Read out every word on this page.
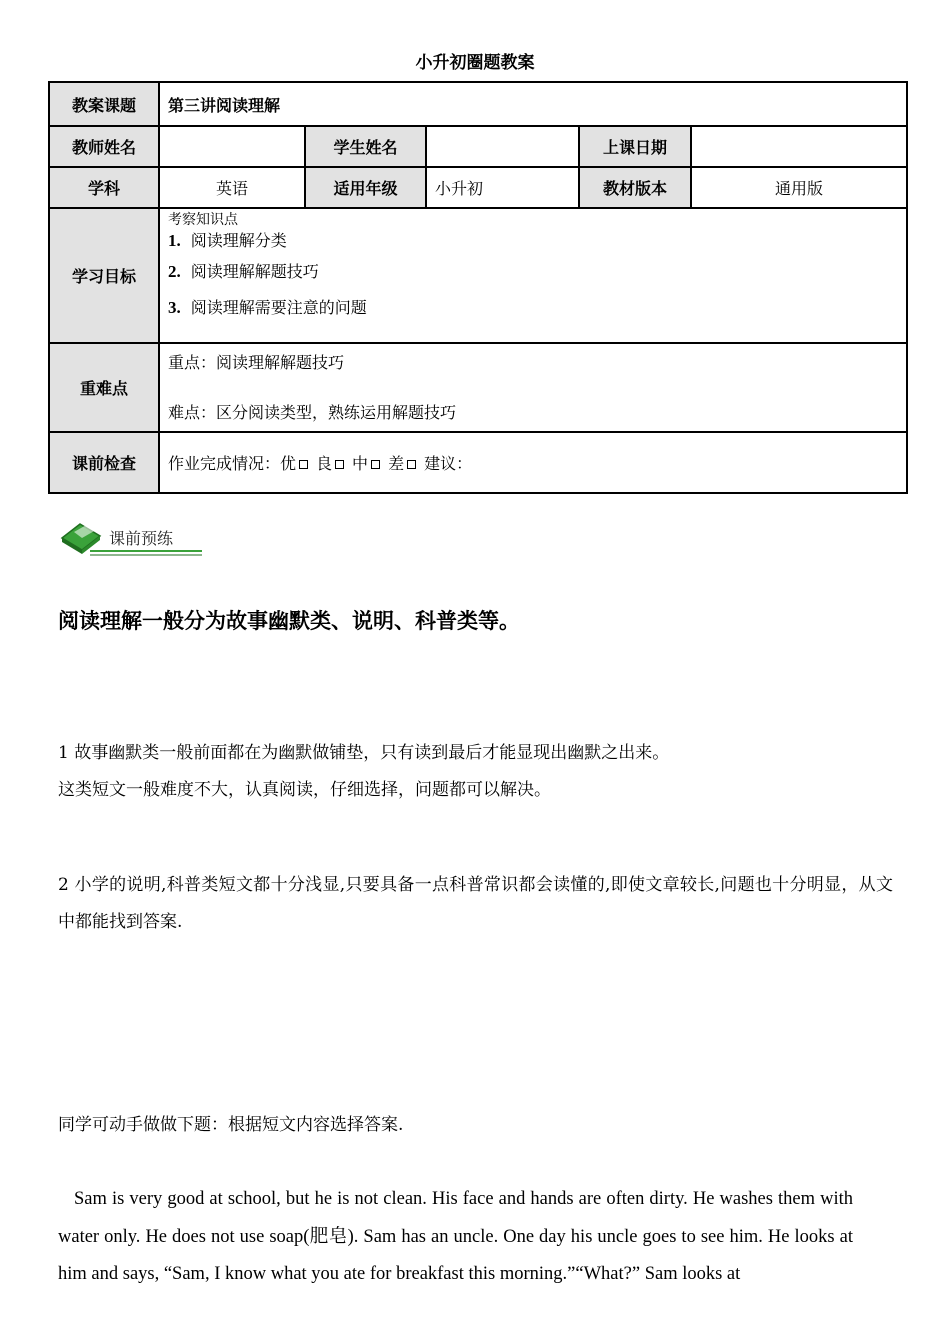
小升初圈题教案
教案课题	第三讲阅读理解				
教师姓名		学生姓名		上课日期	
学科	英语	适用年级	小升初	教材版本	通用版
学习目标	考察知识点
1. 阅读理解分类
2. 阅读理解解题技巧
3. 阅读理解需要注意的问题				

重难点	重点：阅读理解解题技巧
难点：区分阅读类型，熟练运用解题技巧				

课前检查	作业完成情况：优 良 中 差 建议：				
课前预练
阅读理解一般分为故事幽默类、说明、科普类等。
1 故事幽默类一般前面都在为幽默做铺垫，只有读到最后才能显现出幽默之出来。
这类短文一般难度不大，认真阅读，仔细选择，问题都可以解决。
2 小学的说明,科普类短文都十分浅显,只要具备一点科普常识都会读懂的,即使文章较长,问题也十分明显，从文中都能找到答案.
同学可动手做做下题：根据短文内容选择答案.
Sam is very good at school, but he is not clean. His face and hands are often dirty. He washes them with water only. He does not use soap(肥皂). Sam has an uncle. One day his uncle goes to see him. He looks at him and says, “Sam, I know what you ate for breakfast this morning.”“What?” Sam looks at
